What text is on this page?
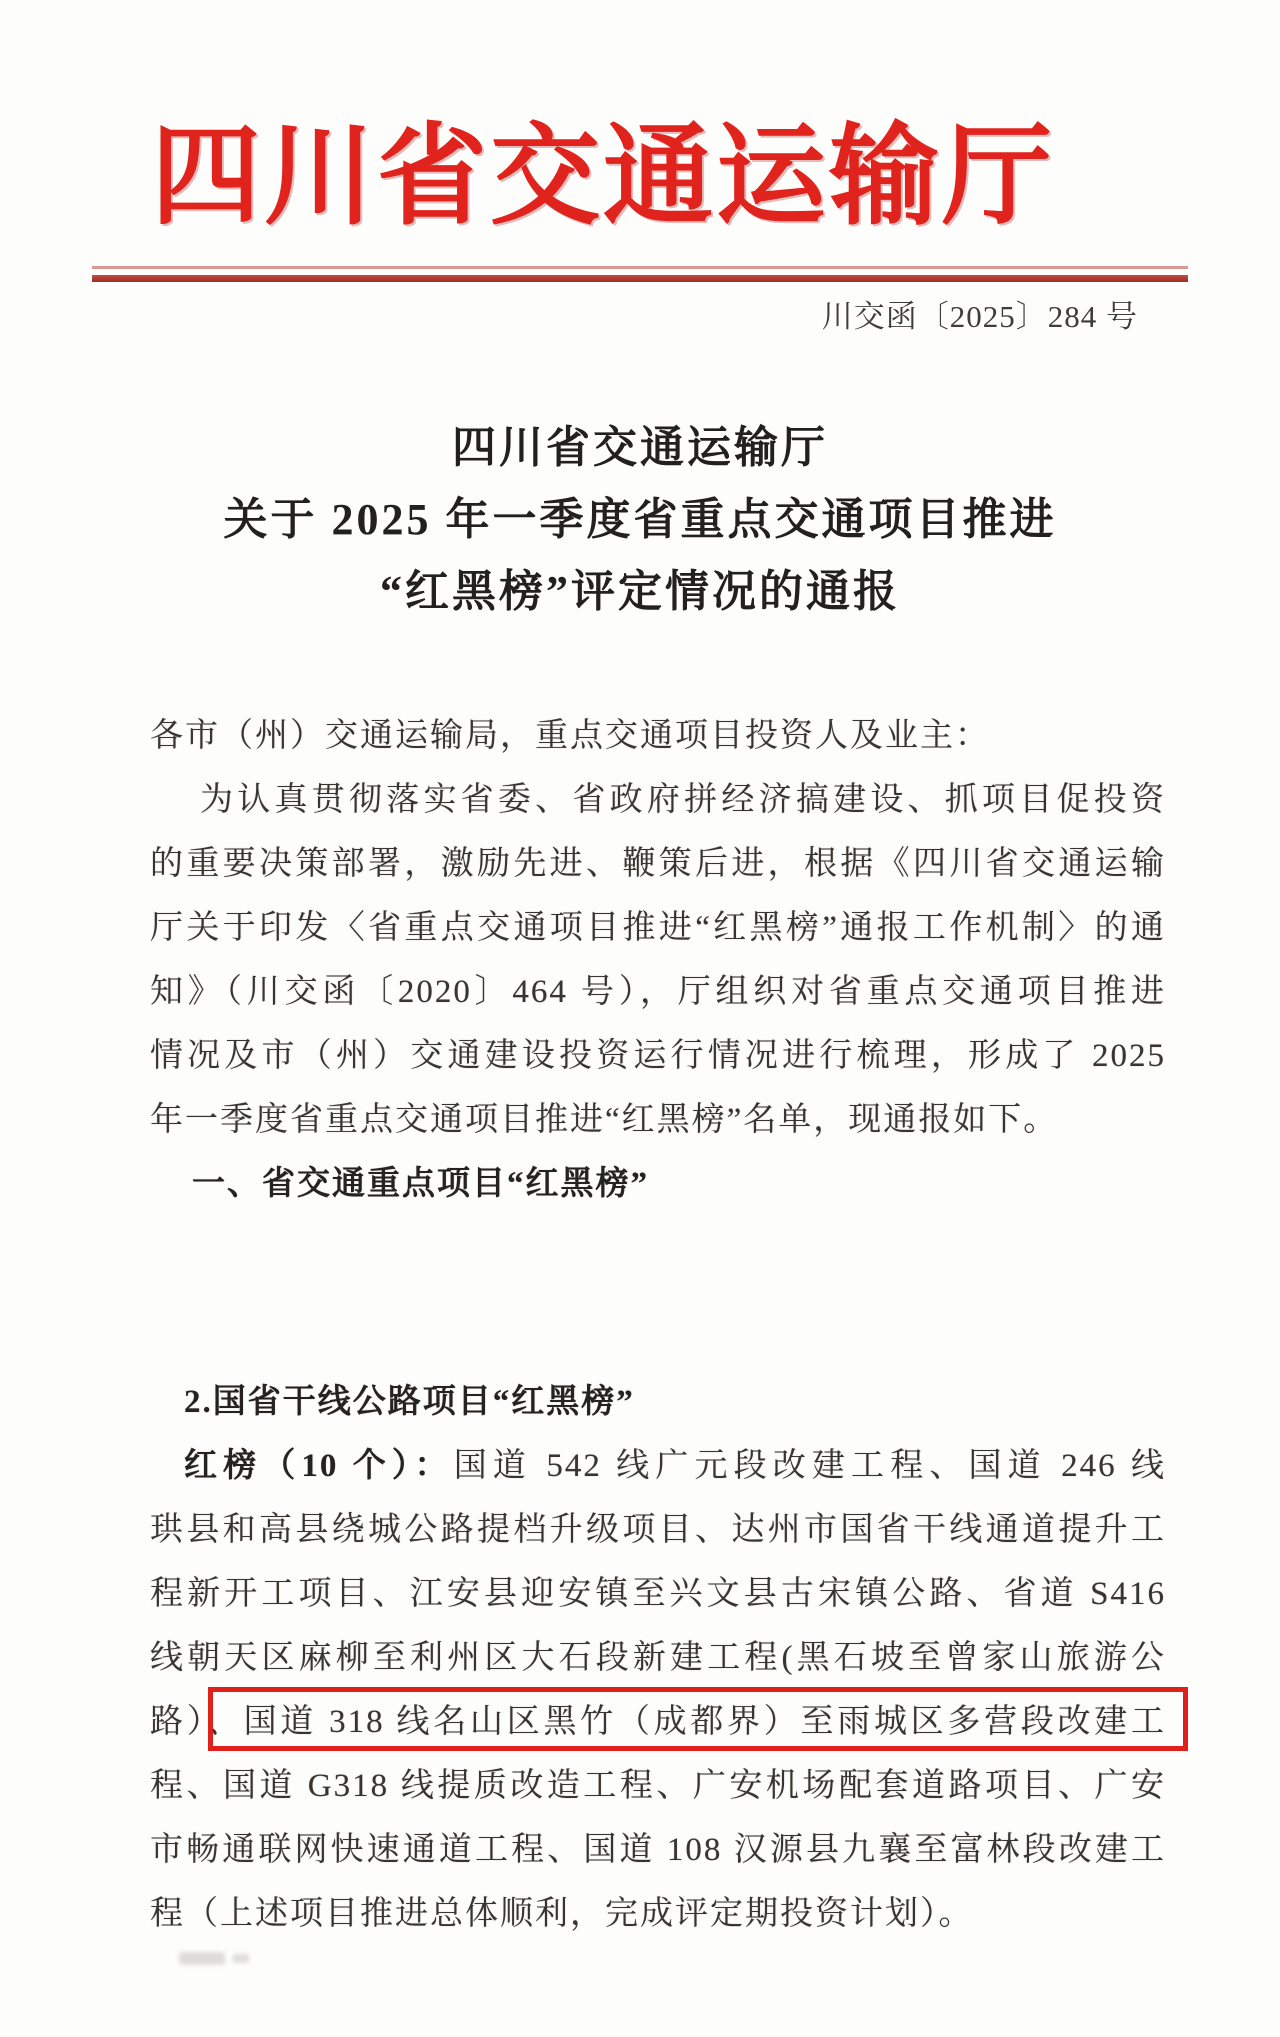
四川省交通运输厅
川交函〔2025〕284 号
四川省交通运输厅
关于 2025 年一季度省重点交通项目推进
“红黑榜”评定情况的通报
各市（州）交通运输局，重点交通项目投资人及业主：
为认真贯彻落实省委、省政府拼经济搞建设、抓项目促投资
的重要决策部署，激励先进、鞭策后进，根据《四川省交通运输
厅关于印发〈省重点交通项目推进“红黑榜”通报工作机制〉的通
知》（川交函〔2020〕464 号），厅组织对省重点交通项目推进
情况及市（州）交通建设投资运行情况进行梳理，形成了 2025
年一季度省重点交通项目推进“红黑榜”名单，现通报如下。
一、省交通重点项目“红黑榜”
2.国省干线公路项目“红黑榜”
红榜（10 个）：国道 542 线广元段改建工程、国道 246 线
珙县和高县绕城公路提档升级项目、达州市国省干线通道提升工
程新开工项目、江安县迎安镇至兴文县古宋镇公路、省道 S416
线朝天区麻柳至利州区大石段新建工程(黑石坡至曾家山旅游公
路）、国道 318 线名山区黑竹（成都界）至雨城区多营段改建工
程、国道 G318 线提质改造工程、广安机场配套道路项目、广安
市畅通联网快速通道工程、国道 108 汉源县九襄至富林段改建工
程（上述项目推进总体顺利，完成评定期投资计划）。
